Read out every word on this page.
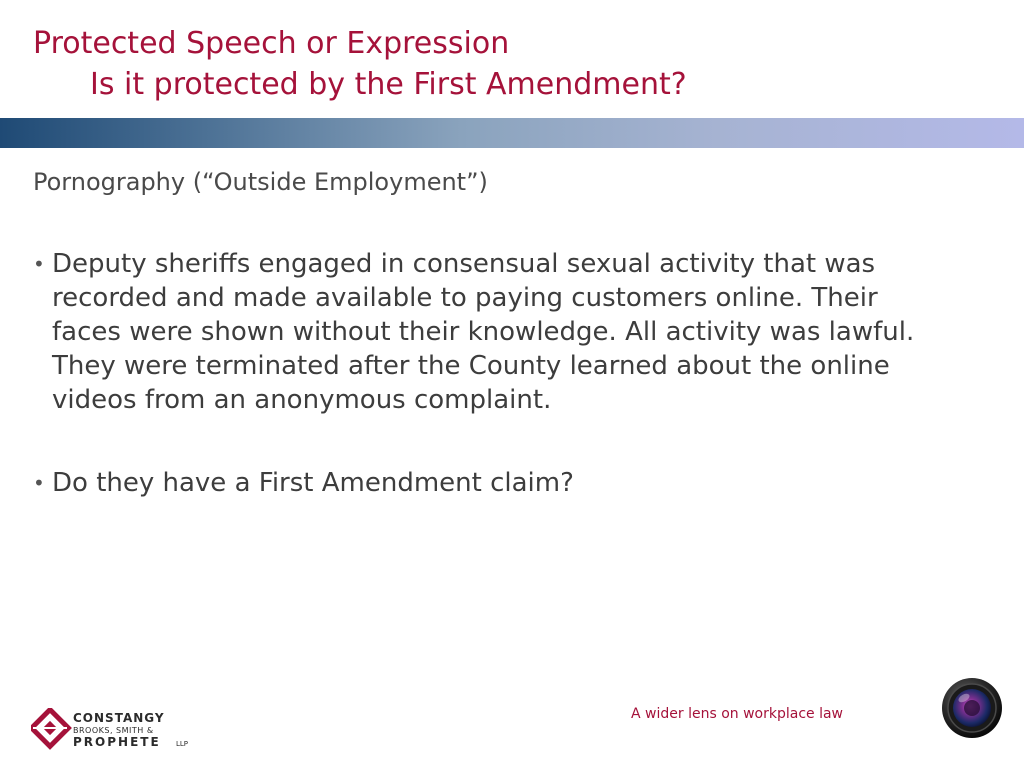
Protected Speech or Expression
Is it protected by the First Amendment?
Pornography (“Outside Employment”)
• Deputy sheriffs engaged in consensual sexual activity that was recorded and made available to paying customers online. Their faces were shown without their knowledge. All activity was lawful. They were terminated after the County learned about the online videos from an anonymous complaint.
• Do they have a First Amendment claim?
A wider lens on workplace law
CONSTANGY
BROOKS, SMITH &
PROPHETE LLP
